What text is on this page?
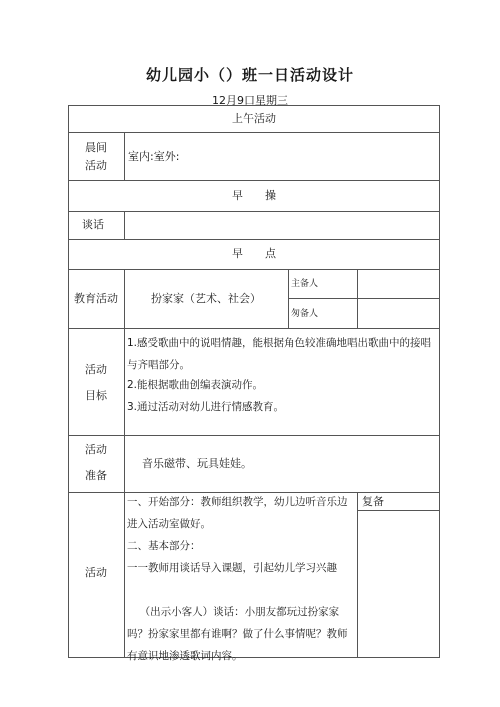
幼儿园小（）班一日活动设计
12月9口星期三
上午活动
晨间
活动
室内:室外:
早　　操
谈话
早　　点
教育活动	扮家家（艺术、社会）
主备人
匆备人
活动
目标
1.感受歌曲中的说唱情趣，能根据角色较准确地唱出歌曲中的接唱与齐唱部分。
2.能根据歌曲创编表演动作。
3.通过活动对幼儿进行情感教育。
活动
准备
音乐磁带、玩具娃娃。
活动
复备
一、开始部分：教师组织教学，幼儿边听音乐边进入活动室做好。
二、基本部分：
一一教师用谈话导入课题，引起幼儿学习兴趣
（出示小客人）谈话：小朋友都玩过扮家家吗？扮家家里都有谁啊？做了什么事情呢？教师有意识地渗透歌词内容。
